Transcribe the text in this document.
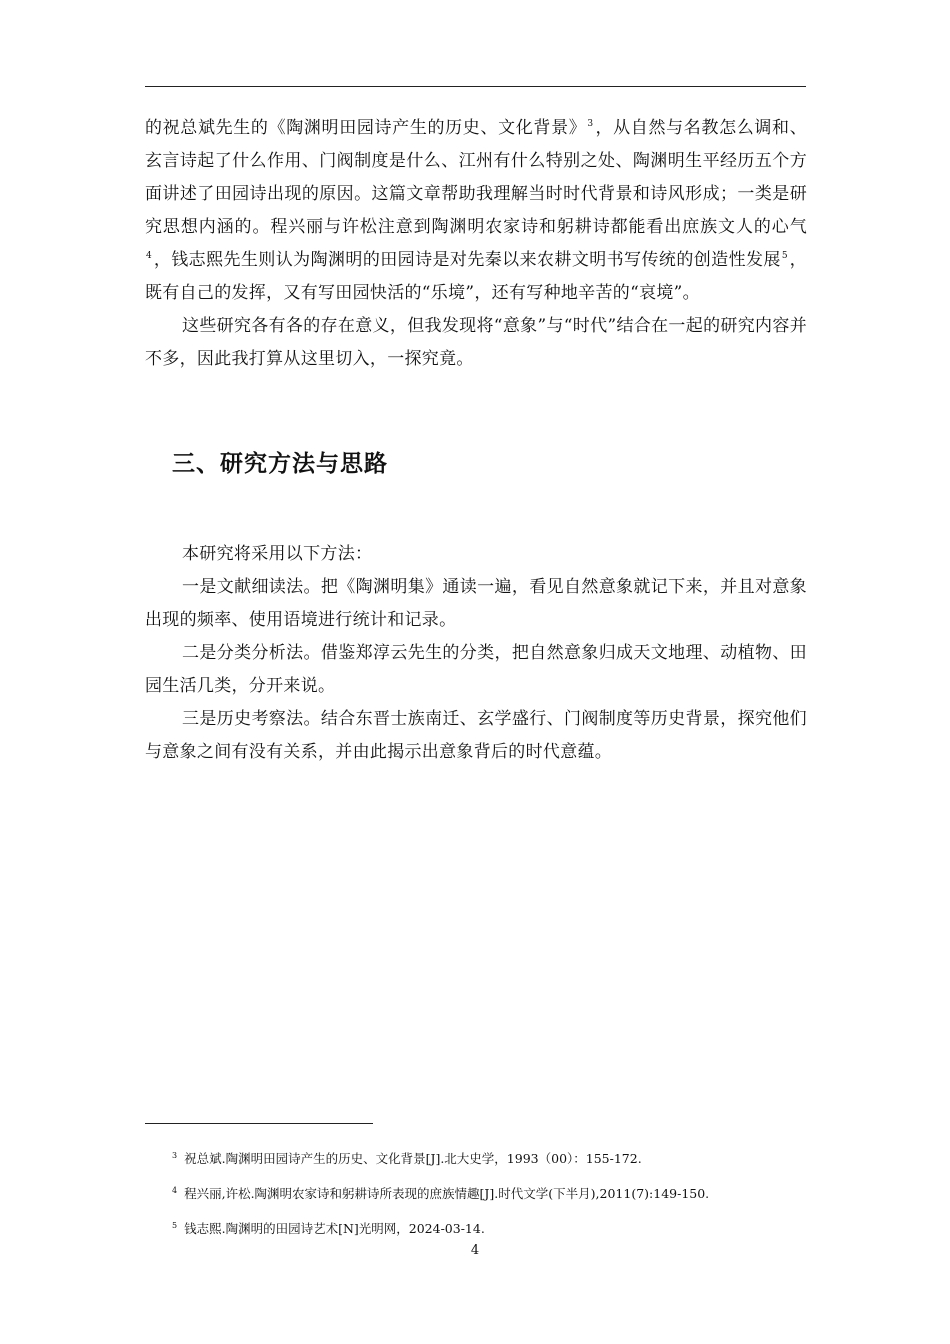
的祝总斌先生的《陶渊明田园诗产生的历史、文化背景》$^3$ ，从自然与名教怎么调和、玄言诗起了什么作用、门阀制度是什么、江州有什么特别之处、陶渊明生平经历五个方面讲述了田园诗出现的原因。这篇文章帮助我理解当时时代背景和诗风形成；一类是研究思想内涵的。程兴丽与许松注意到陶渊明农家诗和躬耕诗都能看出庶族文人的心气$^4$ ，钱志熙先生则认为陶渊明的田园诗是对先秦以来农耕文明书写传统的创造性发展$^5$ ，既有自己的发挥，又有写田园快活的“乐境”，还有写种地辛苦的“哀境”。

这些研究各有各的存在意义，但我发现将“意象”与“时代”结合在一起的研究内容并不多，因此我打算从这里切入，一探究竟。

三、研究方法与思路

本研究将采用以下方法：

一是文献细读法。把《陶渊明集》通读一遍，看见自然意象就记下来，并且对意象出现的频率、使用语境进行统计和记录。

二是分类分析法。借鉴郑淳云先生的分类，把自然意象归成天文地理、动植物、田园生活几类，分开来说。

三是历史考察法。结合东晋士族南迁、玄学盛行、门阀制度等历史背景，探究他们与意象之间有没有关系，并由此揭示出意象背后的时代意蕴。

$^3$ 祝总斌.陶渊明田园诗产生的历史、文化背景[J].北大史学，1993（00）：155-172.

$^4$ 程兴丽,许松.陶渊明农家诗和躬耕诗所表现的庶族情趣[J].时代文学(下半月),2011(7):149-150.

$^5$ 钱志熙.陶渊明的田园诗艺术[N]光明网，2024-03-14.

4
